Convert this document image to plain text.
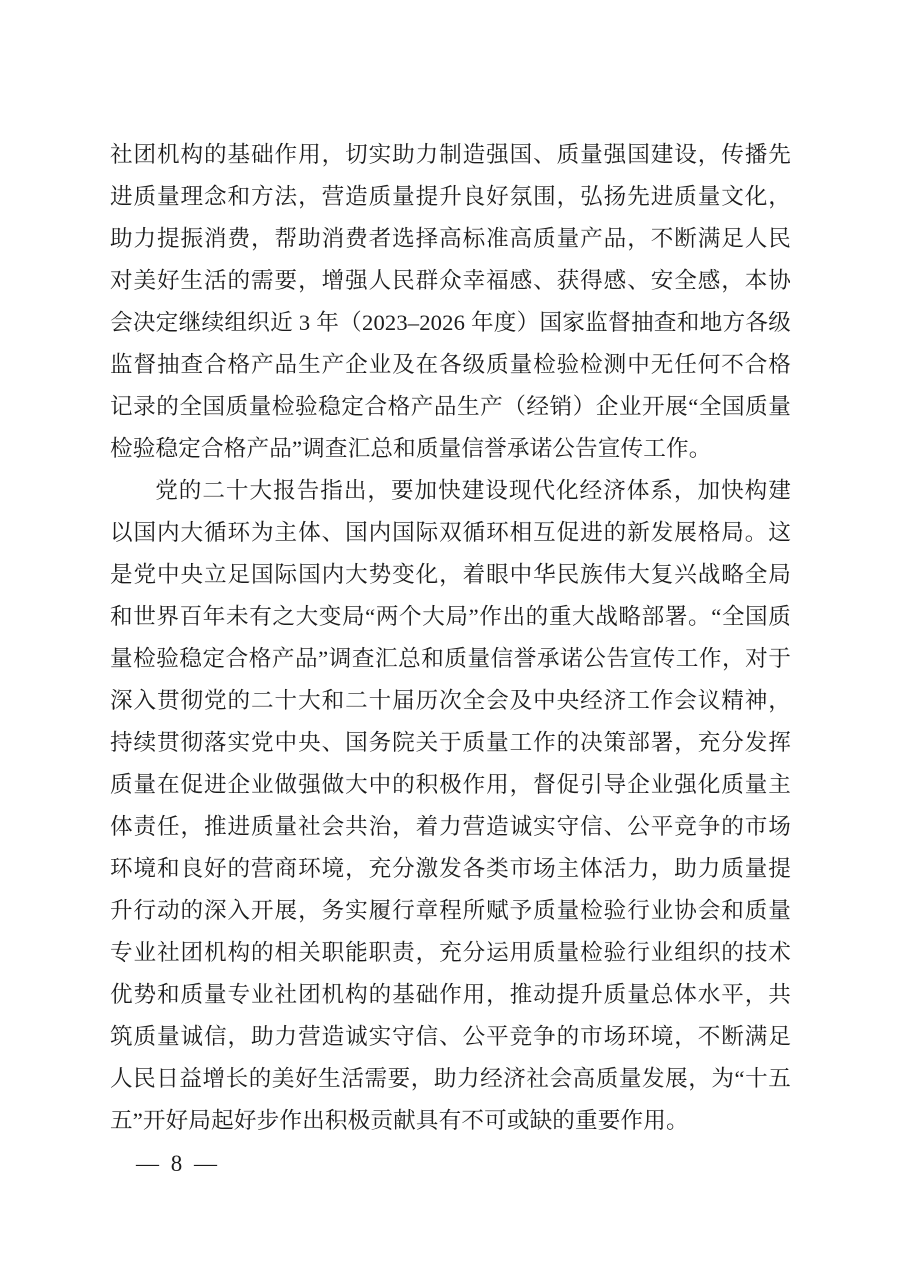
社团机构的基础作用，切实助力制造强国、质量强国建设，传播先进质量理念和方法，营造质量提升良好氛围，弘扬先进质量文化，助力提振消费，帮助消费者选择高标准高质量产品，不断满足人民对美好生活的需要，增强人民群众幸福感、获得感、安全感，本协会决定继续组织近 3 年（2023–2026 年度）国家监督抽查和地方各级监督抽查合格产品生产企业及在各级质量检验检测中无任何不合格记录的全国质量检验稳定合格产品生产（经销）企业开展“全国质量检验稳定合格产品”调查汇总和质量信誉承诺公告宣传工作。

党的二十大报告指出，要加快建设现代化经济体系，加快构建以国内大循环为主体、国内国际双循环相互促进的新发展格局。这是党中央立足国际国内大势变化，着眼中华民族伟大复兴战略全局和世界百年未有之大变局“两个大局”作出的重大战略部署。“全国质量检验稳定合格产品”调查汇总和质量信誉承诺公告宣传工作，对于深入贯彻党的二十大和二十届历次全会及中央经济工作会议精神，持续贯彻落实党中央、国务院关于质量工作的决策部署，充分发挥质量在促进企业做强做大中的积极作用，督促引导企业强化质量主体责任，推进质量社会共治，着力营造诚实守信、公平竞争的市场环境和良好的营商环境，充分激发各类市场主体活力，助力质量提升行动的深入开展，务实履行章程所赋予质量检验行业协会和质量专业社团机构的相关职能职责，充分运用质量检验行业组织的技术优势和质量专业社团机构的基础作用，推动提升质量总体水平，共筑质量诚信，助力营造诚实守信、公平竞争的市场环境，不断满足人民日益增长的美好生活需要，助力经济社会高质量发展，为“十五五”开好局起好步作出积极贡献具有不可或缺的重要作用。

— 8 —
